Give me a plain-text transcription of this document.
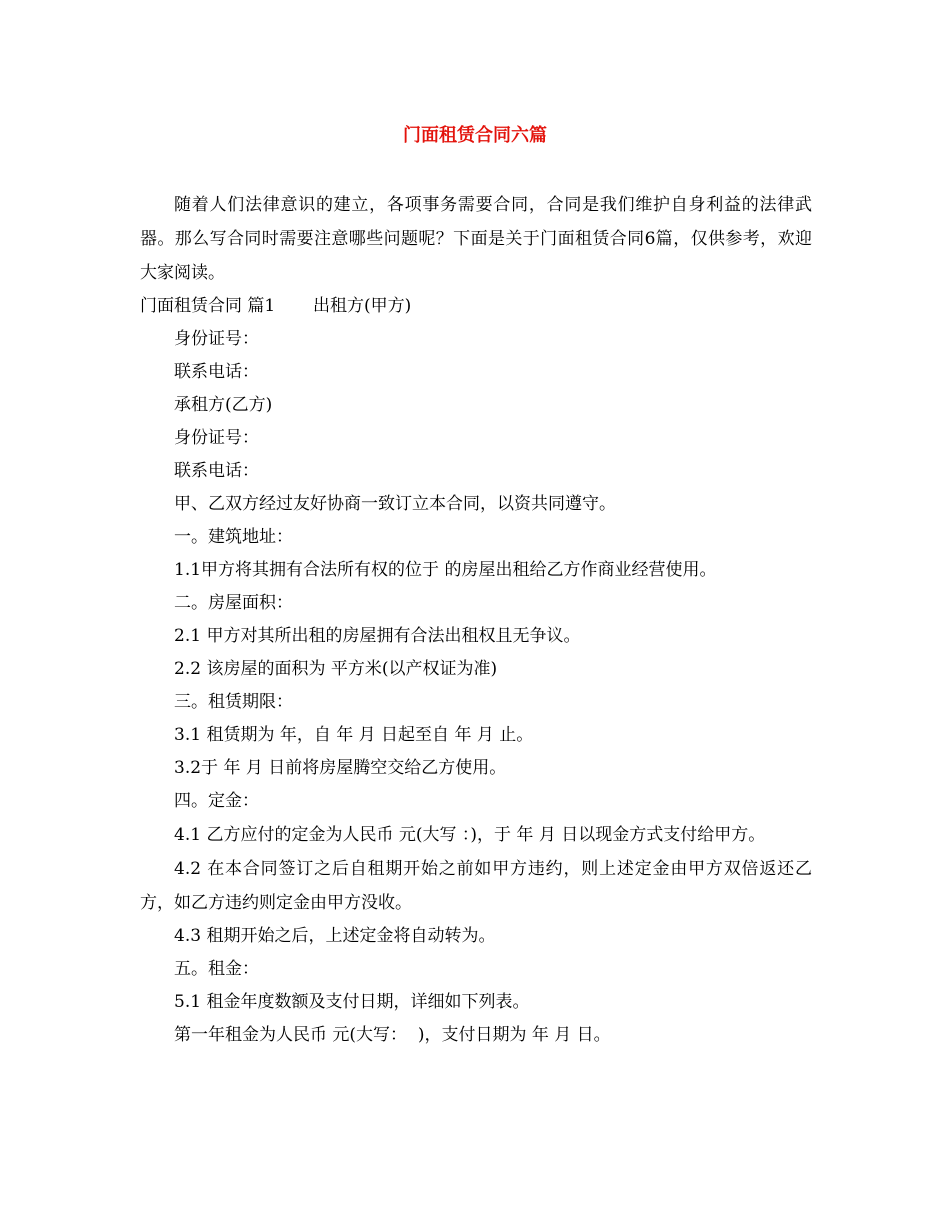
门面租赁合同六篇

随着人们法律意识的建立，各项事务需要合同，合同是我们维护自身利益的法律武器。那么写合同时需要注意哪些问题呢？下面是关于门面租赁合同6篇，仅供参考，欢迎大家阅读。

门面租赁合同 篇1       出租方(甲方)

身份证号：

联系电话：

承租方(乙方)

身份证号：

联系电话：

甲、乙双方经过友好协商一致订立本合同，以资共同遵守。

一。建筑地址：

1.1甲方将其拥有合法所有权的位于 的房屋出租给乙方作商业经营使用。

二。房屋面积：

2.1 甲方对其所出租的房屋拥有合法出租权且无争议。

2.2 该房屋的面积为 平方米(以产权证为准)

三。租赁期限：

3.1 租赁期为 年，自 年 月 日起至自 年 月 止。

3.2于 年 月 日前将房屋腾空交给乙方使用。

四。定金：

4.1 乙方应付的定金为人民币 元(大写 ：)，于 年 月 日以现金方式支付给甲方。

4.2 在本合同签订之后自租期开始之前如甲方违约，则上述定金由甲方双倍返还乙方，如乙方违约则定金由甲方没收。

4.3 租期开始之后，上述定金将自动转为。

五。租金：

5.1 租金年度数额及支付日期，详细如下列表。

第一年租金为人民币 元(大写：  )，支付日期为 年 月 日。
